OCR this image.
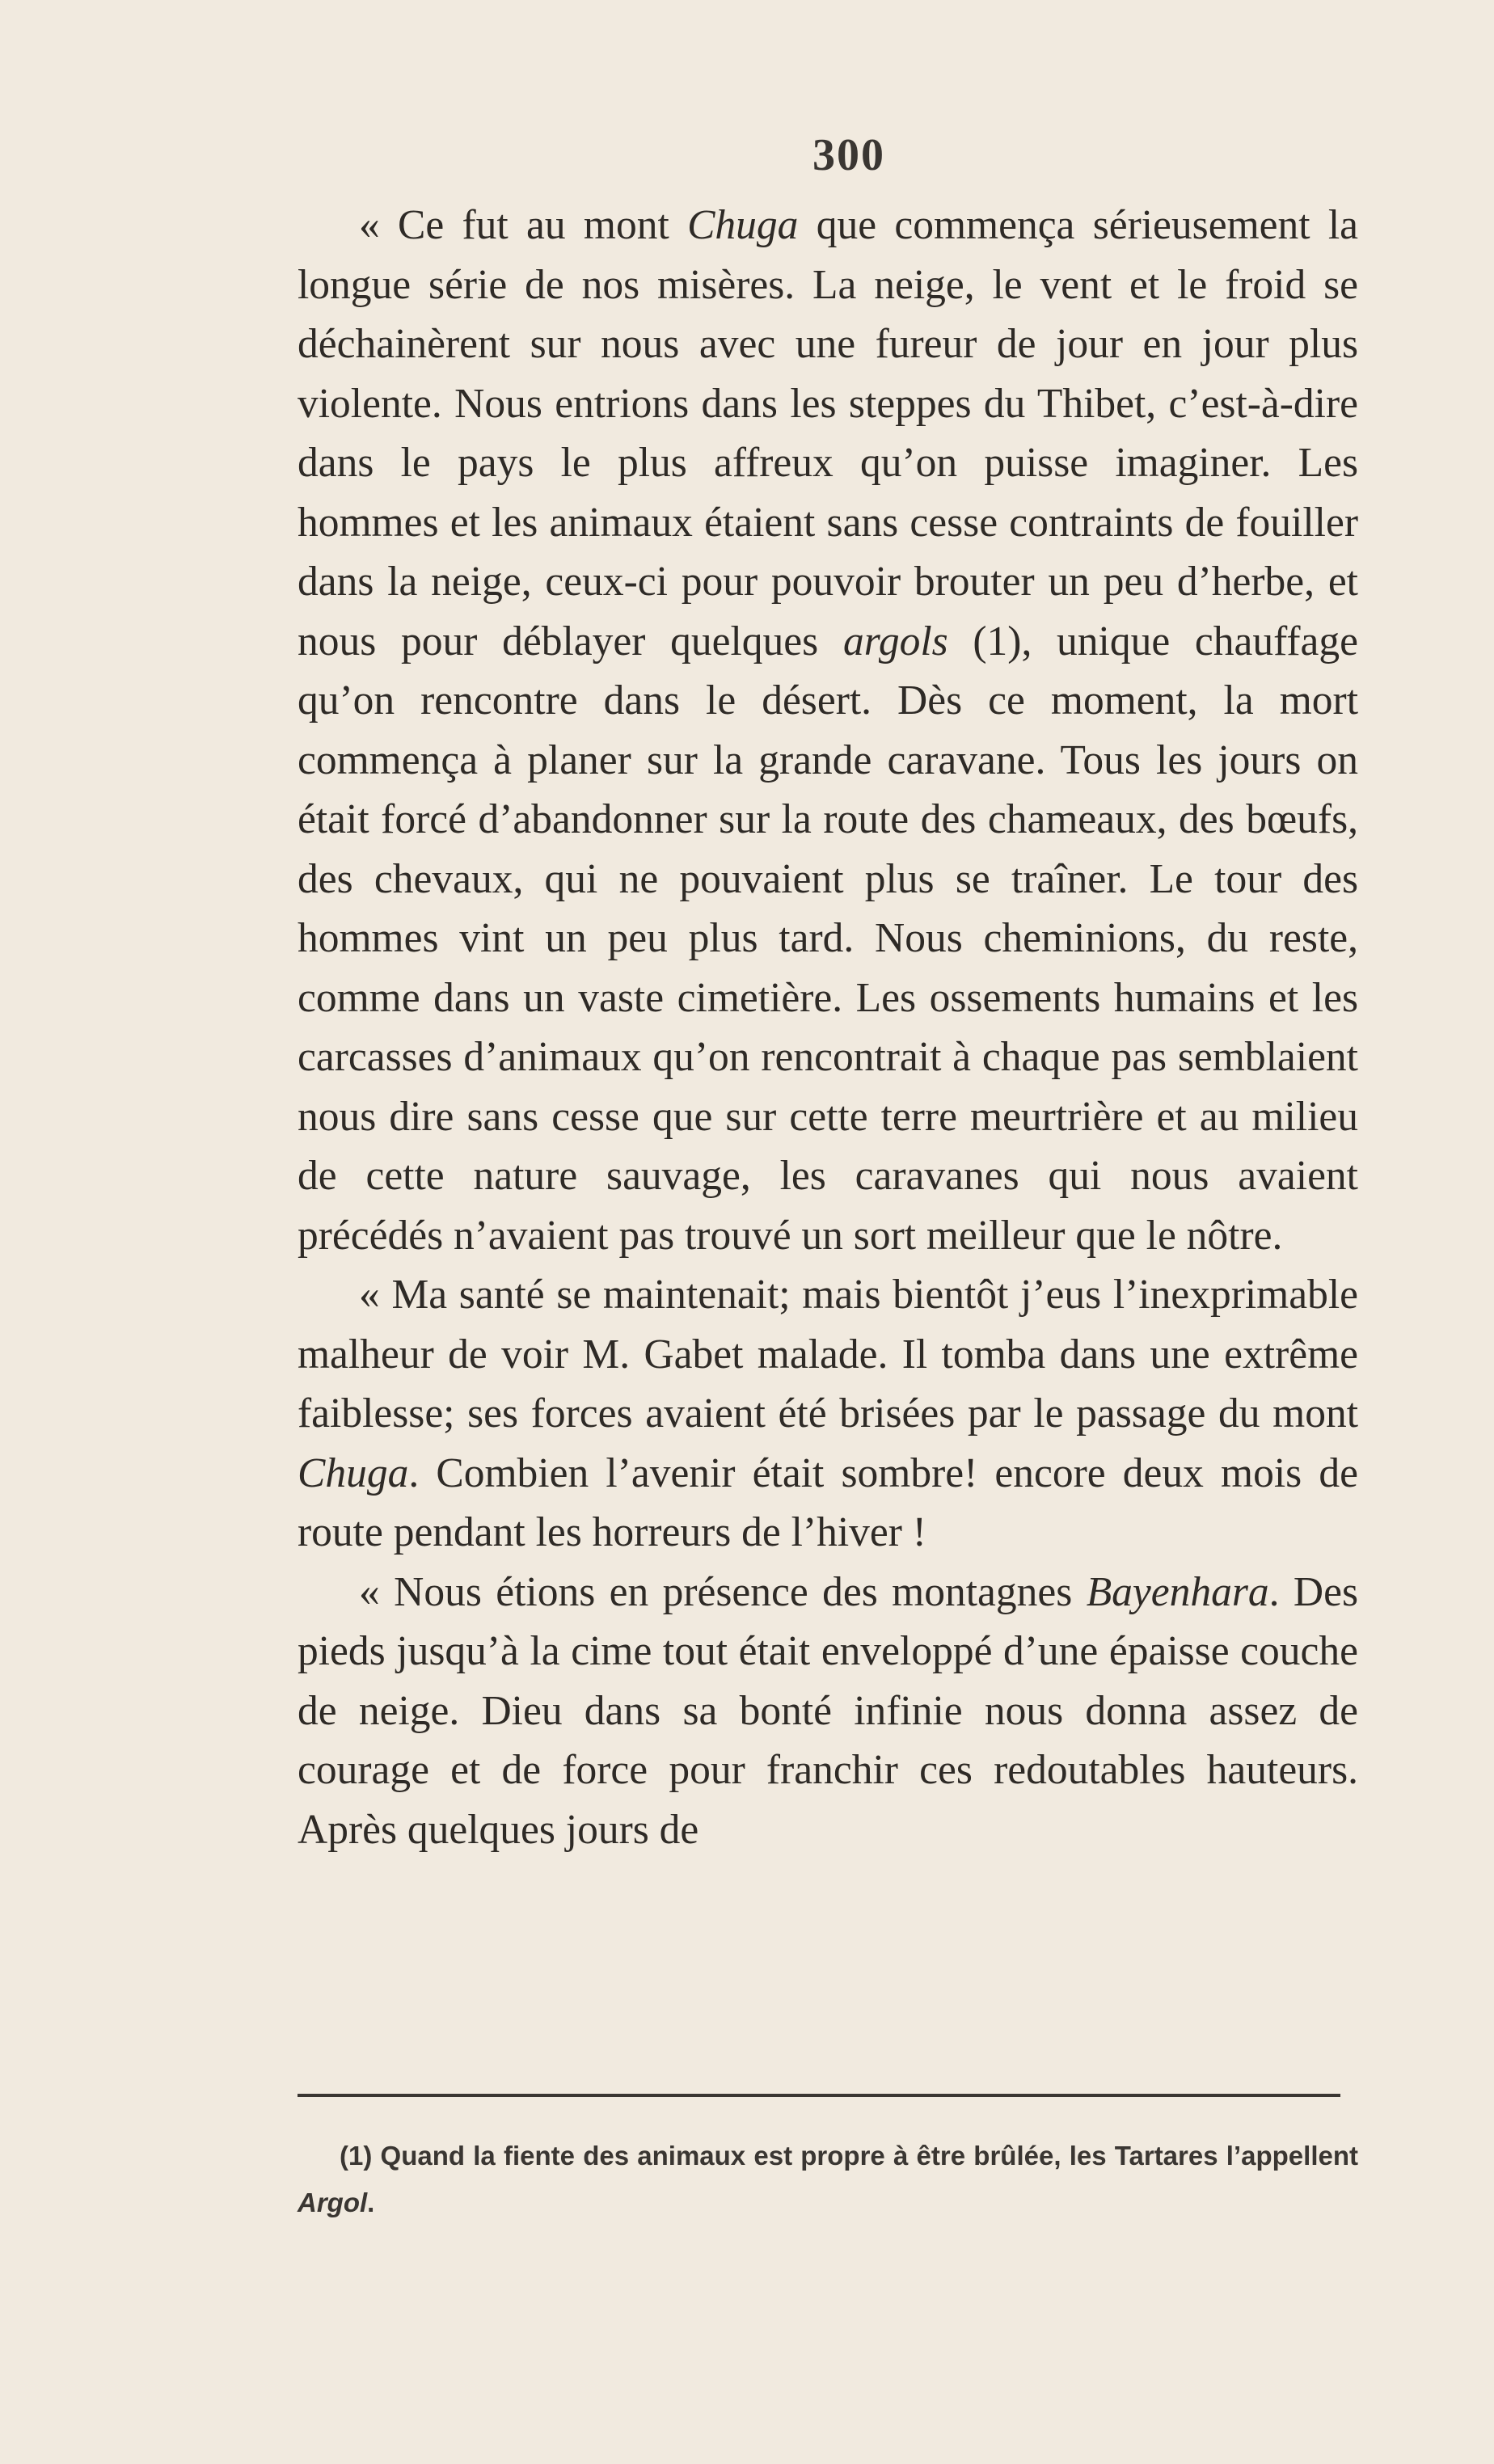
300

« Ce fut au mont Chuga que commença sérieusement la longue série de nos misères. La neige, le vent et le froid se déchainèrent sur nous avec une fureur de jour en jour plus violente. Nous entrions dans les steppes du Thibet, c’est-à-dire dans le pays le plus affreux qu’on puisse imaginer. Les hommes et les animaux étaient sans cesse contraints de fouiller dans la neige, ceux-ci pour pouvoir brouter un peu d’herbe, et nous pour déblayer quelques argols (1), unique chauffage qu’on rencontre dans le désert. Dès ce moment, la mort commença à planer sur la grande caravane. Tous les jours on était forcé d’abandonner sur la route des chameaux, des bœufs, des chevaux, qui ne pouvaient plus se traîner. Le tour des hommes vint un peu plus tard. Nous cheminions, du reste, comme dans un vaste cimetière. Les ossements humains et les carcasses d’animaux qu’on rencontrait à chaque pas semblaient nous dire sans cesse que sur cette terre meurtrière et au milieu de cette nature sauvage, les caravanes qui nous avaient précédés n’avaient pas trouvé un sort meilleur que le nôtre.

« Ma santé se maintenait; mais bientôt j’eus l’inexprimable malheur de voir M. Gabet malade. Il tomba dans une extrême faiblesse; ses forces avaient été brisées par le passage du mont Chuga. Combien l’avenir était sombre! encore deux mois de route pendant les horreurs de l’hiver !

« Nous étions en présence des montagnes Bayenhara. Des pieds jusqu’à la cime tout était enveloppé d’une épaisse couche de neige. Dieu dans sa bonté infinie nous donna assez de courage et de force pour franchir ces redoutables hauteurs. Après quelques jours de

(1) Quand la fiente des animaux est propre à être brûlée, les Tartares l’appellent Argol.
